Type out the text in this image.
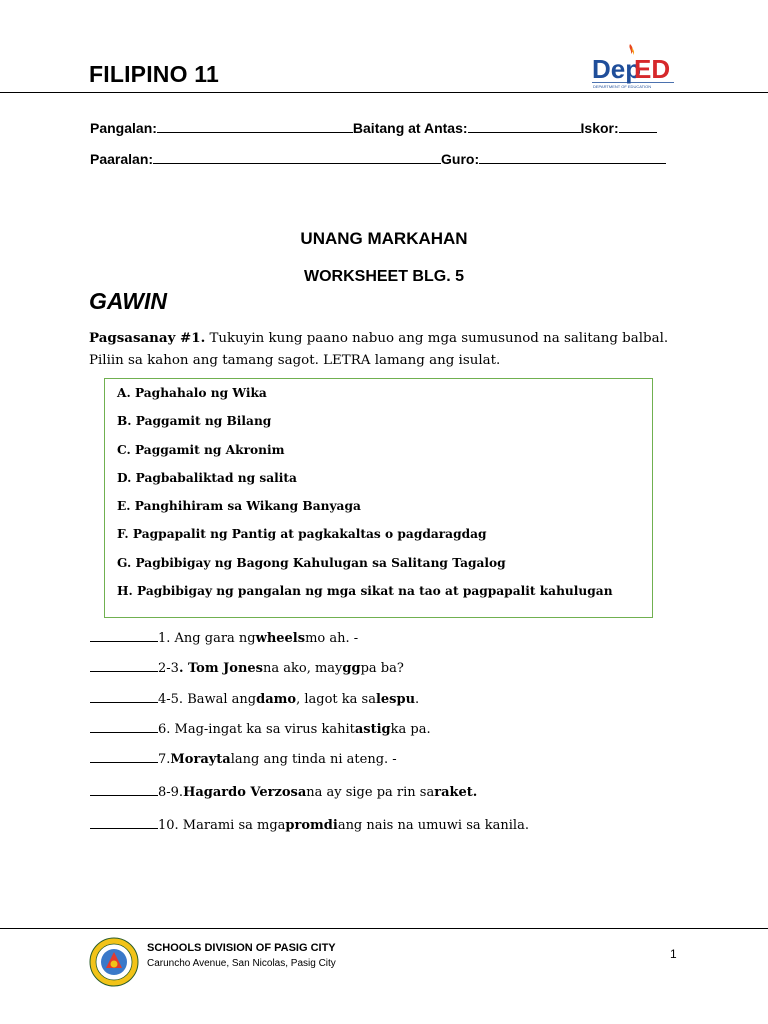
FILIPINO 11	Dep
ED
DEPARTMENT OF EDUCATION
Pangalan:	Baitang at Antas:	Iskor:
Paaralan:	Guro:
UNANG MARKAHAN
WORKSHEET BLG. 5
GAWIN
Pagsasanay #1. Tukuyin kung paano nabuo ang mga sumusunod na salitang balbal. Piliin sa kahon ang tamang sagot. LETRA lamang ang isulat.
A. Paghahalo ng Wika
B. Paggamit ng Bilang
C. Paggamit ng Akronim
D. Pagbabaliktad ng salita
E. Panghihiram sa Wikang Banyaga
F. Pagpapalit ng Pantig at pagkakaltas o pagdaragdag
G. Pagbibigay ng Bagong Kahulugan sa Salitang Tagalog
H. Pagbibigay ng pangalan ng mga sikat na tao at pagpapalit kahulugan
1. Ang gara ng wheels mo ah. -
2-3 . Tom Jones na ako, may gg pa ba?
4-5. Bawal ang damo , lagot ka sa lespu .
6. Mag-ingat ka sa virus kahit astig ka pa.
7. Morayta lang ang tinda ni ateng. -
8-9. Hagardo Verzosa na ay sige pa rin sa raket.
10. Marami sa mga promdi ang nais na umuwi sa kanila.
SCHOOLS DIVISION OF PASIG CITY
Caruncho Avenue, San Nicolas, Pasig City
1
